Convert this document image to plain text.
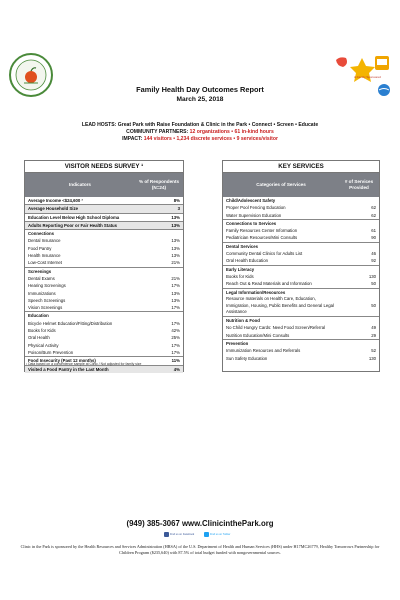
A Family Sponsored
Family Health Day Outcomes Report
March 25, 2018
LEAD HOSTS: Great Park with Raise Foundation & Clinic in the Park • Connect • Screen • Educate
COMMUNITY PARTNERS: 12 organizations • 61 in-kind hours
IMPACT: 144 visitors • 1,234 discrete services • 9 services/visitor
VISITOR NEEDS SURVEY ¹
Indicators
% of Respondents (N=24)
Average Income <$24,600 ²	8%
Average Household Size	3
Education Level Below High School Diploma	13%
Adults Reporting Poor or Fair Health Status	13%
Connections
Dental Insurance	13%
Food Pantry	13%
Health Insurance	13%
Low-Cost Internet	21%
Screenings
Dental Exams	21%
Hearing Screenings	17%
Immunizations	13%
Speech Screenings	13%
Vision Screenings	17%
Education
Bicycle Helmet Education/Fitting/Distribution	17%
Books for Kids	42%
Oral Health	25%
Physical Activity	17%
Poison/Burn Prevention	17%
Food Insecurity (Past 12 months)	11%
Visited a Food Pantry in the Last Month	4%
¹ Data based on a convenience sample at Clinic / Not adjusted for family size
KEY SERVICES
Categories of Services
# of Services Provided
Child/Adolescent Safety
Proper Pool Fencing Education	62
Water Supervision Education	62
Connections to Services
Family Resources Center Information	61
Pediatrician Resources/Mini Consults	90
Dental Services
Community Dental Clinics for Adults List	46
Oral Health Education	92
Early Literacy
Books for Kids	130
Reach Out & Read Materials and Information	50
Legal Information/Resources
Resource materials on Health Care, Education, Immigration, Housing, Public Benefits and General Legal Assistance
50
Nutrition & Food
No Child Hungry Cards: Need Food Screen/Referral	49
Nutrition Education/Mini Consults	29
Prevention
Immunization Resources and Referrals	52
Sun Safety Education	130
(949) 385-3067 www.ClinicinthePark.org
Find us on Facebook	Find us on Twitter
Clinic in the Park is sponsored by the Health Resources and Services Administration (HRSA) of the U.S. Department of Health and Human Services (HHS) under H17MC26779, Healthy Tomorrows Partnership for Children Program ($235,640) with 87.5% of total budget funded with nongovernmental sources.
